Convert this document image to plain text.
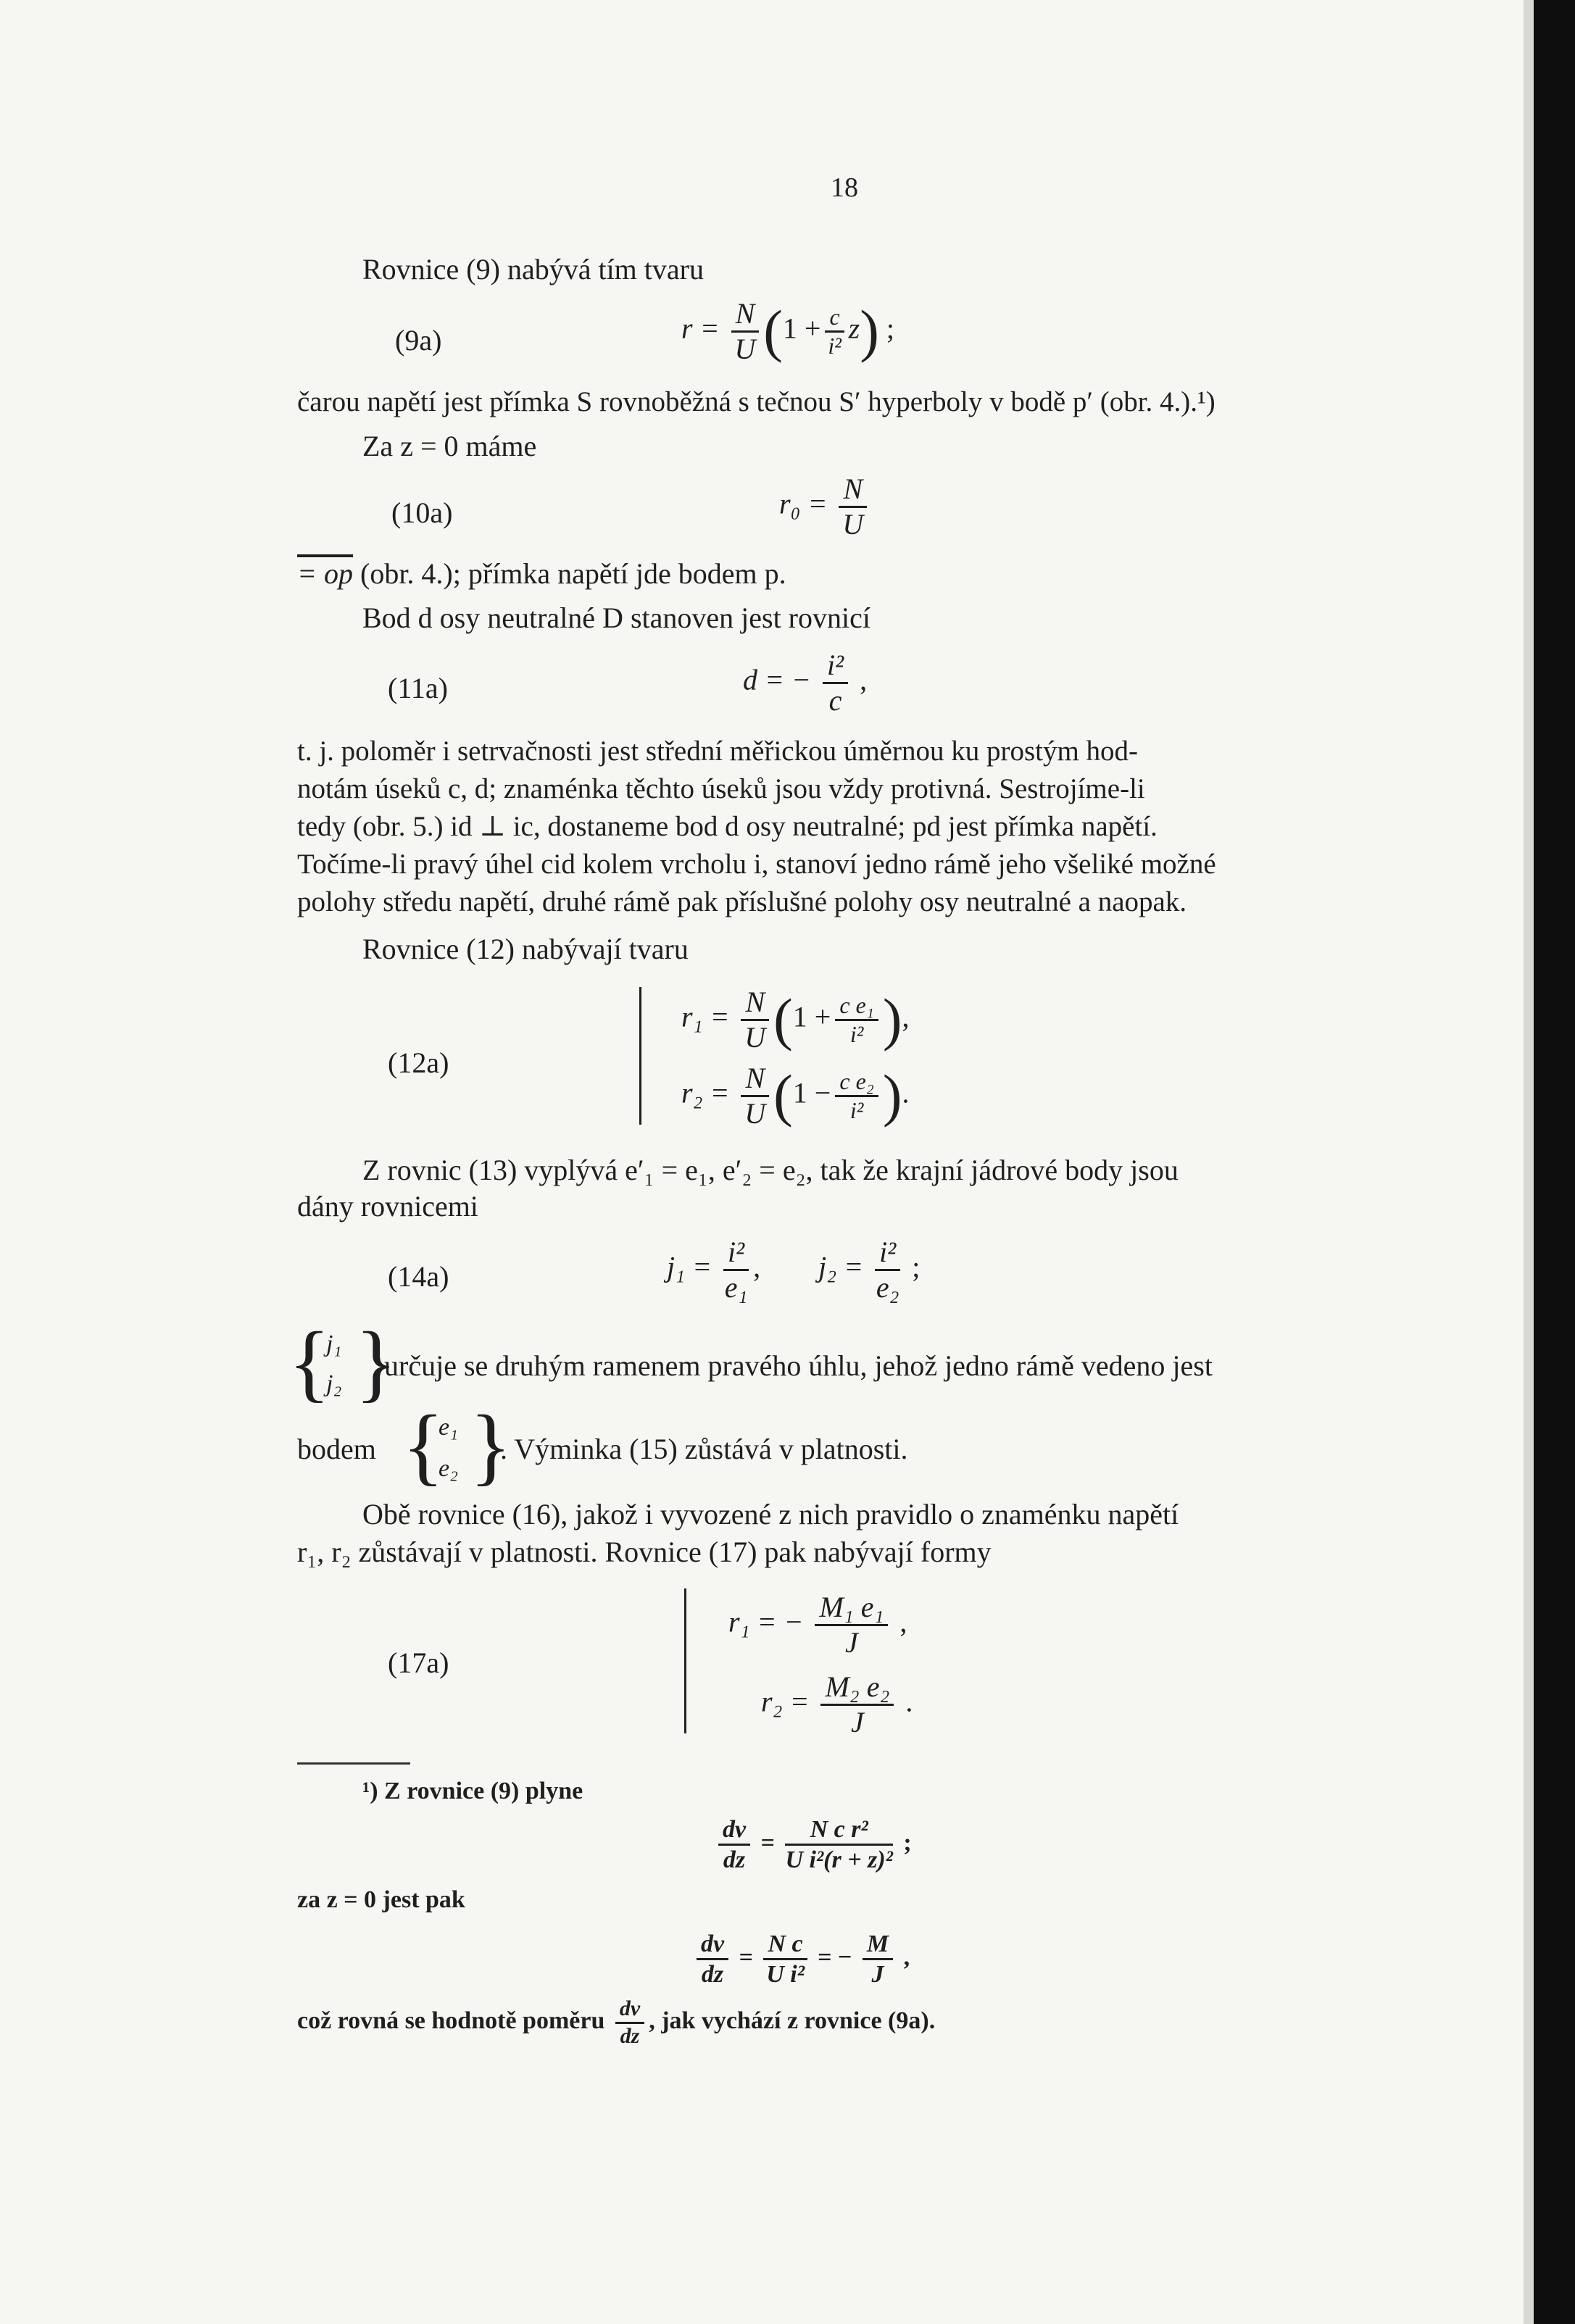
18
Rovnice (9) nabývá tím tvaru
(9a)	$r = \frac{N}{U} (1 + \frac{c}{\text{i²}} z)$ ;
čarou napětí jest přímka S rovnoběžná s tečnou S′ hyperboly v bodě p′ (obr. 4.).¹)
Za z = 0 máme
(10a)	$r_0 = \frac{N}{U}$
= op (obr. 4.); přímka napětí jde bodem p.
Bod d osy neutralné D stanoven jest rovnicí
(11a)	d = − $\frac{\text{i²}}{c}$ ,
t. j. poloměr i setrvačnosti jest střední měřickou úměrnou ku prostým hod-
notám úseků c, d; znaménka těchto úseků jsou vždy protivná. Sestrojíme-li
tedy (obr. 5.) id ⊥ ic, dostaneme bod d osy neutralné; pd jest přímka napětí.
Točíme-li pravý úhel cid kolem vrcholu i, stanoví jedno rámě jeho všeliké možné
polohy středu napětí, druhé rámě pak příslušné polohy osy neutralné a naopak.
Rovnice (12) nabývají tvaru
(12a)
$r_1 = \frac{N}{U} (1 + \frac{\text{c e₁}}{\text{i²}}$ ),
$r_2 = \frac{N}{U} (1 - \frac{\text{c e₂}}{\text{i²}}$ ).
Z rovnic (13) vyplývá e′₁ = e₁, e′₂ = e₂, tak že krajní jádrové body jsou
dány rovnicemi
(14a)	$j_1 = \frac{\text{i²}}{\text{e₁}}$ ,  $j_2 = \frac{\text{i²}}{\text{e₂}}$ ;
{
j₁
j₂ }
určuje se druhým ramenem pravého úhlu, jehož jedno rámě vedeno jest
bodem {
e₁
e₂ }
. Výminka (15) zůstává v platnosti.
Obě rovnice (16), jakož i vyvozené z nich pravidlo o znaménku napětí
r₁, r₂ zůstávají v platnosti. Rovnice (17) pak nabývají formy
(17a)
r₁ = − $\frac{\text{M₁ e₁}}{J}$ ,
$r_2 = \frac{\text{M₂ e₂}}{J}$ .
¹) Z rovnice (9) plyne
$\frac{dv}{dz} = \frac{\text{N c r²}}{\text{U i²(r + z)²}}$ ;
za z = 0 jest pak
$\frac{dv}{dz} = \frac{\text{N c}}{\text{U i²}}$ = − $\frac{M}{J}$ ,
což rovná se hodnotě poměru $\frac{dv}{dz}$ , jak vychází z rovnice (9a).
